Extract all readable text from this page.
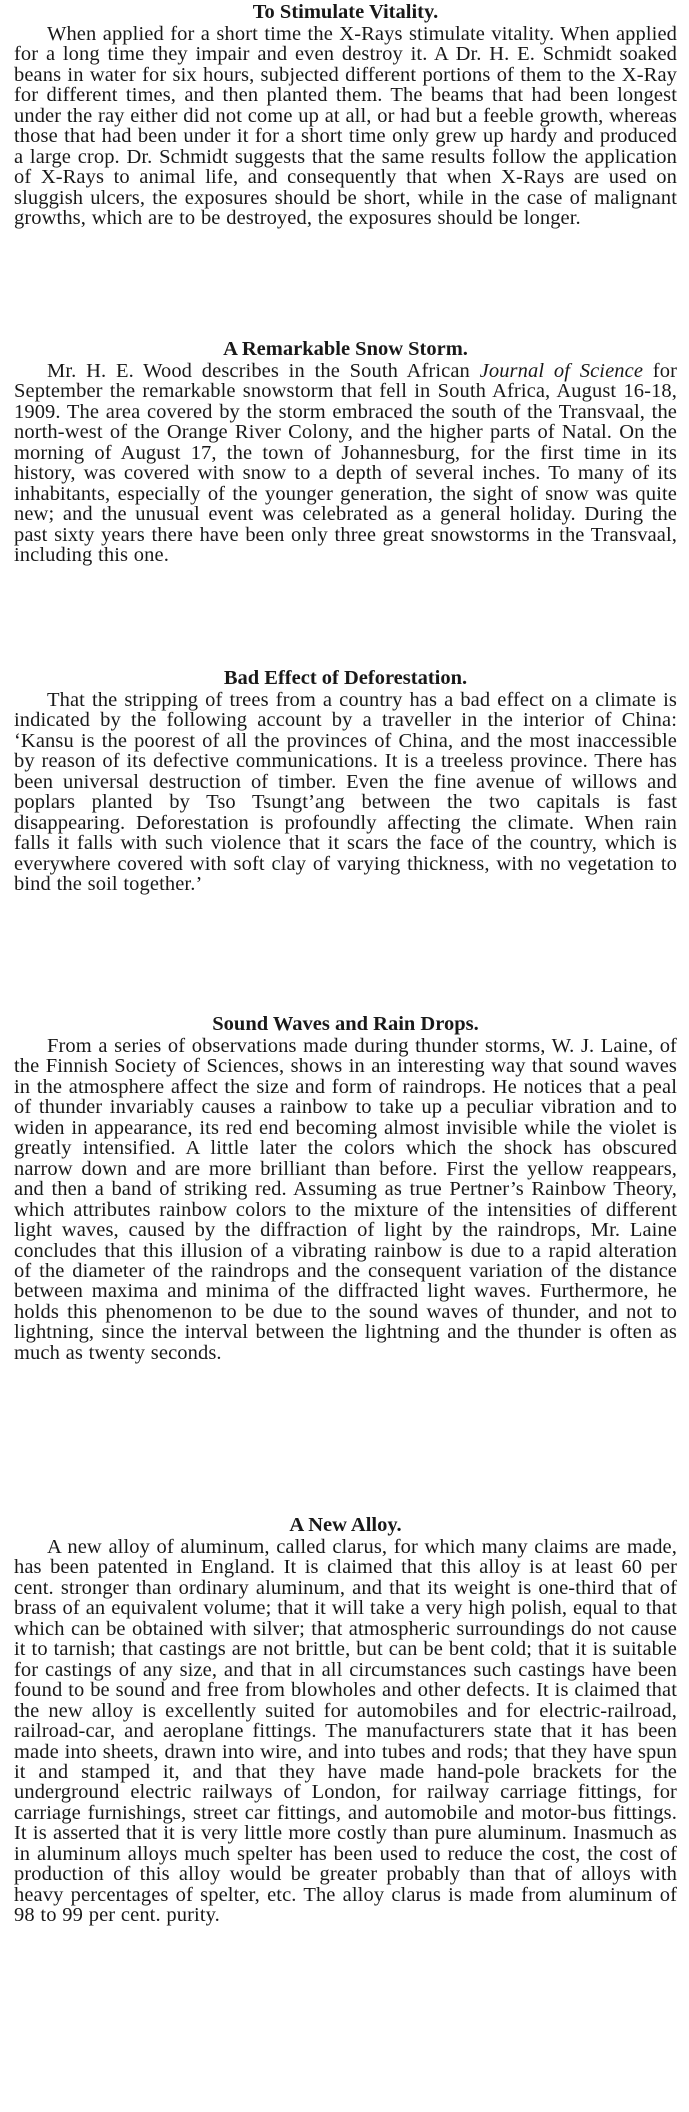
To Stimulate Vitality.

When applied for a short time the X-Rays stimulate vitality. When applied for a long time they impair and even destroy it. A Dr. H. E. Schmidt soaked beans in water for six hours, subjected different portions of them to the X-Ray for different times, and then planted them. The beams that had been longest under the ray either did not come up at all, or had but a feeble growth, whereas those that had been under it for a short time only grew up hardy and produced a large crop. Dr. Schmidt suggests that the same results follow the application of X-Rays to animal life, and consequently that when X-Rays are used on sluggish ulcers, the exposures should be short, while in the case of malignant growths, which are to be destroyed, the exposures should be longer.

A Remarkable Snow Storm.

Mr. H. E. Wood describes in the South African Journal of Science for September the remarkable snowstorm that fell in South Africa, August 16-18, 1909. The area covered by the storm embraced the south of the Transvaal, the north-west of the Orange River Colony, and the higher parts of Natal. On the morning of August 17, the town of Johannesburg, for the first time in its history, was covered with snow to a depth of several inches. To many of its inhabitants, especially of the younger generation, the sight of snow was quite new; and the unusual event was celebrated as a general holiday. During the past sixty years there have been only three great snowstorms in the Transvaal, including this one.

Bad Effect of Deforestation.

That the stripping of trees from a country has a bad effect on a climate is indicated by the following account by a traveller in the interior of China: ‘Kansu is the poorest of all the provinces of China, and the most inaccessible by reason of its defective communications. It is a treeless province. There has been universal destruction of timber. Even the fine avenue of willows and poplars planted by Tso Tsungt’ang between the two capitals is fast disappearing. Deforestation is profoundly affecting the climate. When rain falls it falls with such violence that it scars the face of the country, which is everywhere covered with soft clay of varying thickness, with no vegetation to bind the soil together.’

Sound Waves and Rain Drops.

From a series of observations made during thunder storms, W. J. Laine, of the Finnish Society of Sciences, shows in an interesting way that sound waves in the atmosphere affect the size and form of raindrops. He notices that a peal of thunder invariably causes a rainbow to take up a peculiar vibration and to widen in appearance, its red end becoming almost invisible while the violet is greatly intensified. A little later the colors which the shock has obscured narrow down and are more brilliant than before. First the yellow reappears, and then a band of striking red. Assuming as true Pertner’s Rainbow Theory, which attributes rainbow colors to the mixture of the intensities of different light waves, caused by the diffraction of light by the raindrops, Mr. Laine concludes that this illusion of a vibrating rainbow is due to a rapid alteration of the diameter of the raindrops and the consequent variation of the distance between maxima and minima of the diffracted light waves. Furthermore, he holds this phenomenon to be due to the sound waves of thunder, and not to lightning, since the interval between the lightning and the thunder is often as much as twenty seconds.

A New Alloy.

A new alloy of aluminum, called clarus, for which many claims are made, has been patented in England. It is claimed that this alloy is at least 60 per cent. stronger than ordinary aluminum, and that its weight is one-third that of brass of an equivalent volume; that it will take a very high polish, equal to that which can be obtained with silver; that atmospheric surroundings do not cause it to tarnish; that castings are not brittle, but can be bent cold; that it is suitable for castings of any size, and that in all circumstances such castings have been found to be sound and free from blowholes and other defects. It is claimed that the new alloy is excellently suited for automobiles and for electric-railroad, railroad-car, and aeroplane fittings. The manufacturers state that it has been made into sheets, drawn into wire, and into tubes and rods; that they have spun it and stamped it, and that they have made hand-pole brackets for the underground electric railways of London, for railway carriage fittings, for carriage furnishings, street car fittings, and automobile and motor-bus fittings. It is asserted that it is very little more costly than pure aluminum. Inasmuch as in aluminum alloys much spelter has been used to reduce the cost, the cost of production of this alloy would be greater probably than that of alloys with heavy percentages of spelter, etc. The alloy clarus is made from aluminum of 98 to 99 per cent. purity.
